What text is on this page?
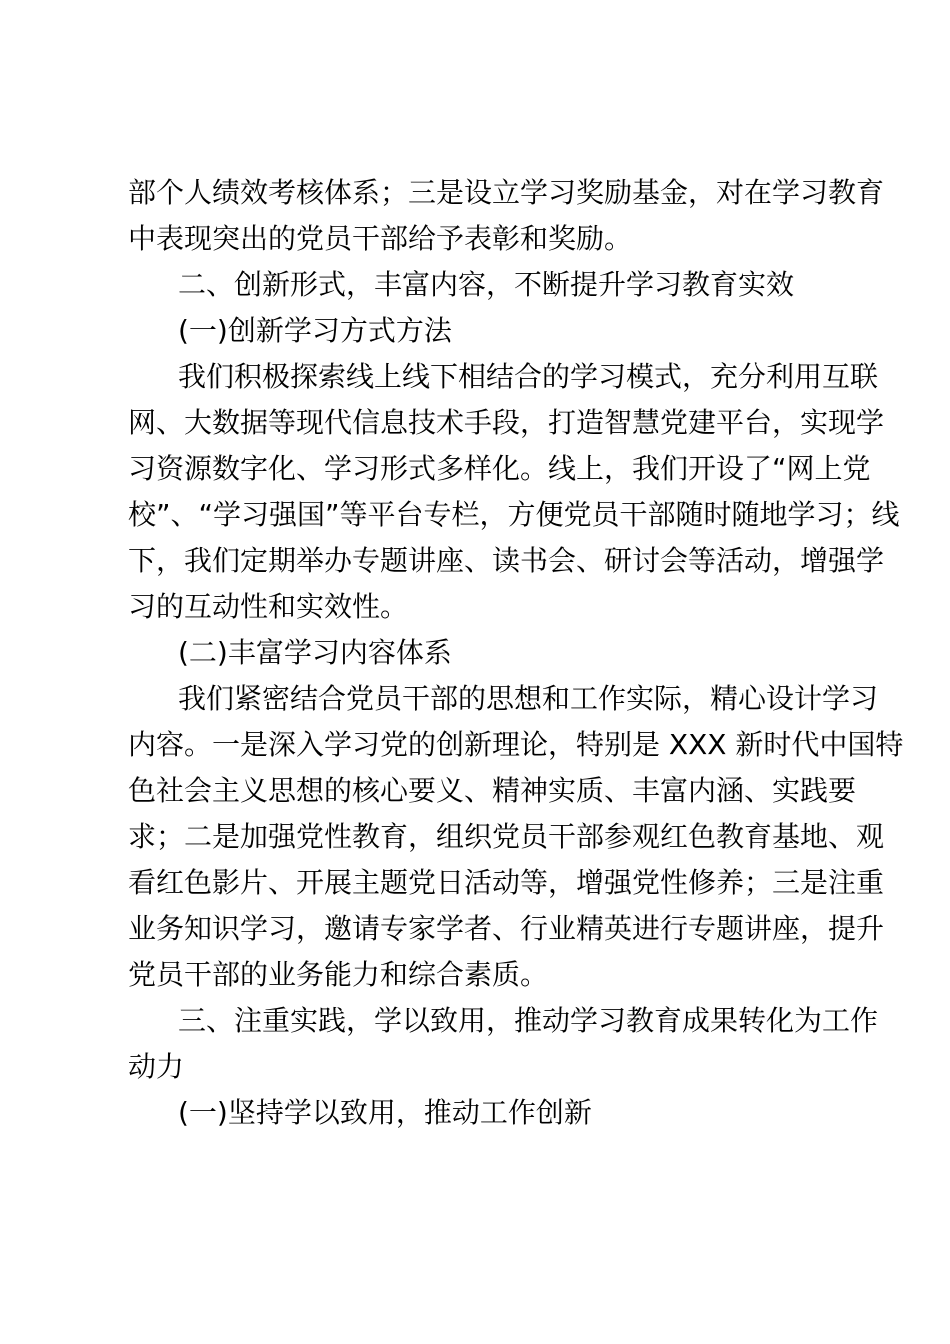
部个人绩效考核体系；三是设立学习奖励基金，对在学习教育
中表现突出的党员干部给予表彰和奖励。
二、创新形式，丰富内容，不断提升学习教育实效
(一)创新学习方式方法
我们积极探索线上线下相结合的学习模式，充分利用互联
网、大数据等现代信息技术手段，打造智慧党建平台，实现学
习资源数字化、学习形式多样化。线上，我们开设了“网上党
校”、“学习强国”等平台专栏，方便党员干部随时随地学习；线
下，我们定期举办专题讲座、读书会、研讨会等活动，增强学
习的互动性和实效性。
(二)丰富学习内容体系
我们紧密结合党员干部的思想和工作实际，精心设计学习
内容。一是深入学习党的创新理论，特别是 XXX 新时代中国特
色社会主义思想的核心要义、精神实质、丰富内涵、实践要
求；二是加强党性教育，组织党员干部参观红色教育基地、观
看红色影片、开展主题党日活动等，增强党性修养；三是注重
业务知识学习，邀请专家学者、行业精英进行专题讲座，提升
党员干部的业务能力和综合素质。
三、注重实践，学以致用，推动学习教育成果转化为工作
动力
(一)坚持学以致用，推动工作创新
